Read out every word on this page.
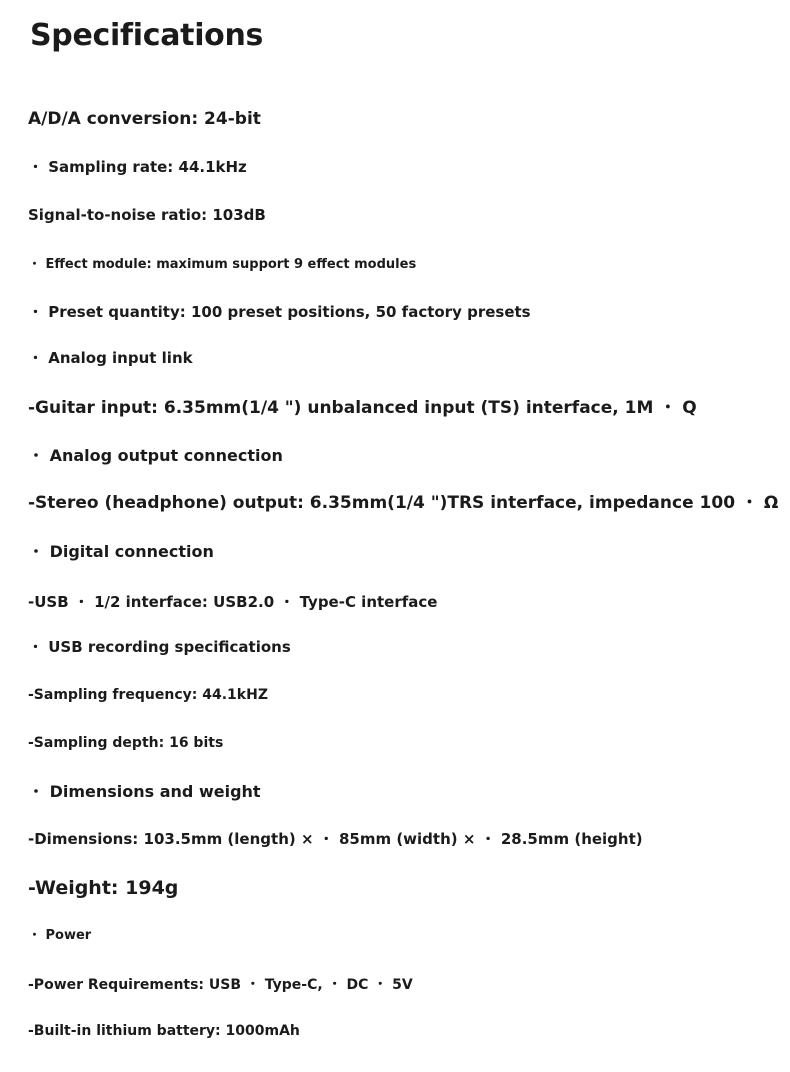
Specifications
A/D/A conversion: 24-bit
・ Sampling rate: 44.1kHz
Signal-to-noise ratio: 103dB
・ Effect module: maximum support 9 effect modules
・ Preset quantity: 100 preset positions, 50 factory presets
・ Analog input link
-Guitar input: 6.35mm(1/4 ") unbalanced input (TS) interface, 1M ・ Q
・ Analog output connection
-Stereo (headphone) output: 6.35mm(1/4 ")TRS interface, impedance 100 ・ Ω
・ Digital connection
-USB ・ 1/2 interface: USB2.0 ・ Type-C interface
・ USB recording specifications
-Sampling frequency: 44.1kHZ
-Sampling depth: 16 bits
・ Dimensions and weight
-Dimensions: 103.5mm (length) × ・ 85mm (width) × ・ 28.5mm (height)
-Weight: 194g
・ Power
-Power Requirements: USB ・ Type-C, ・ DC ・ 5V
-Built-in lithium battery: 1000mAh
